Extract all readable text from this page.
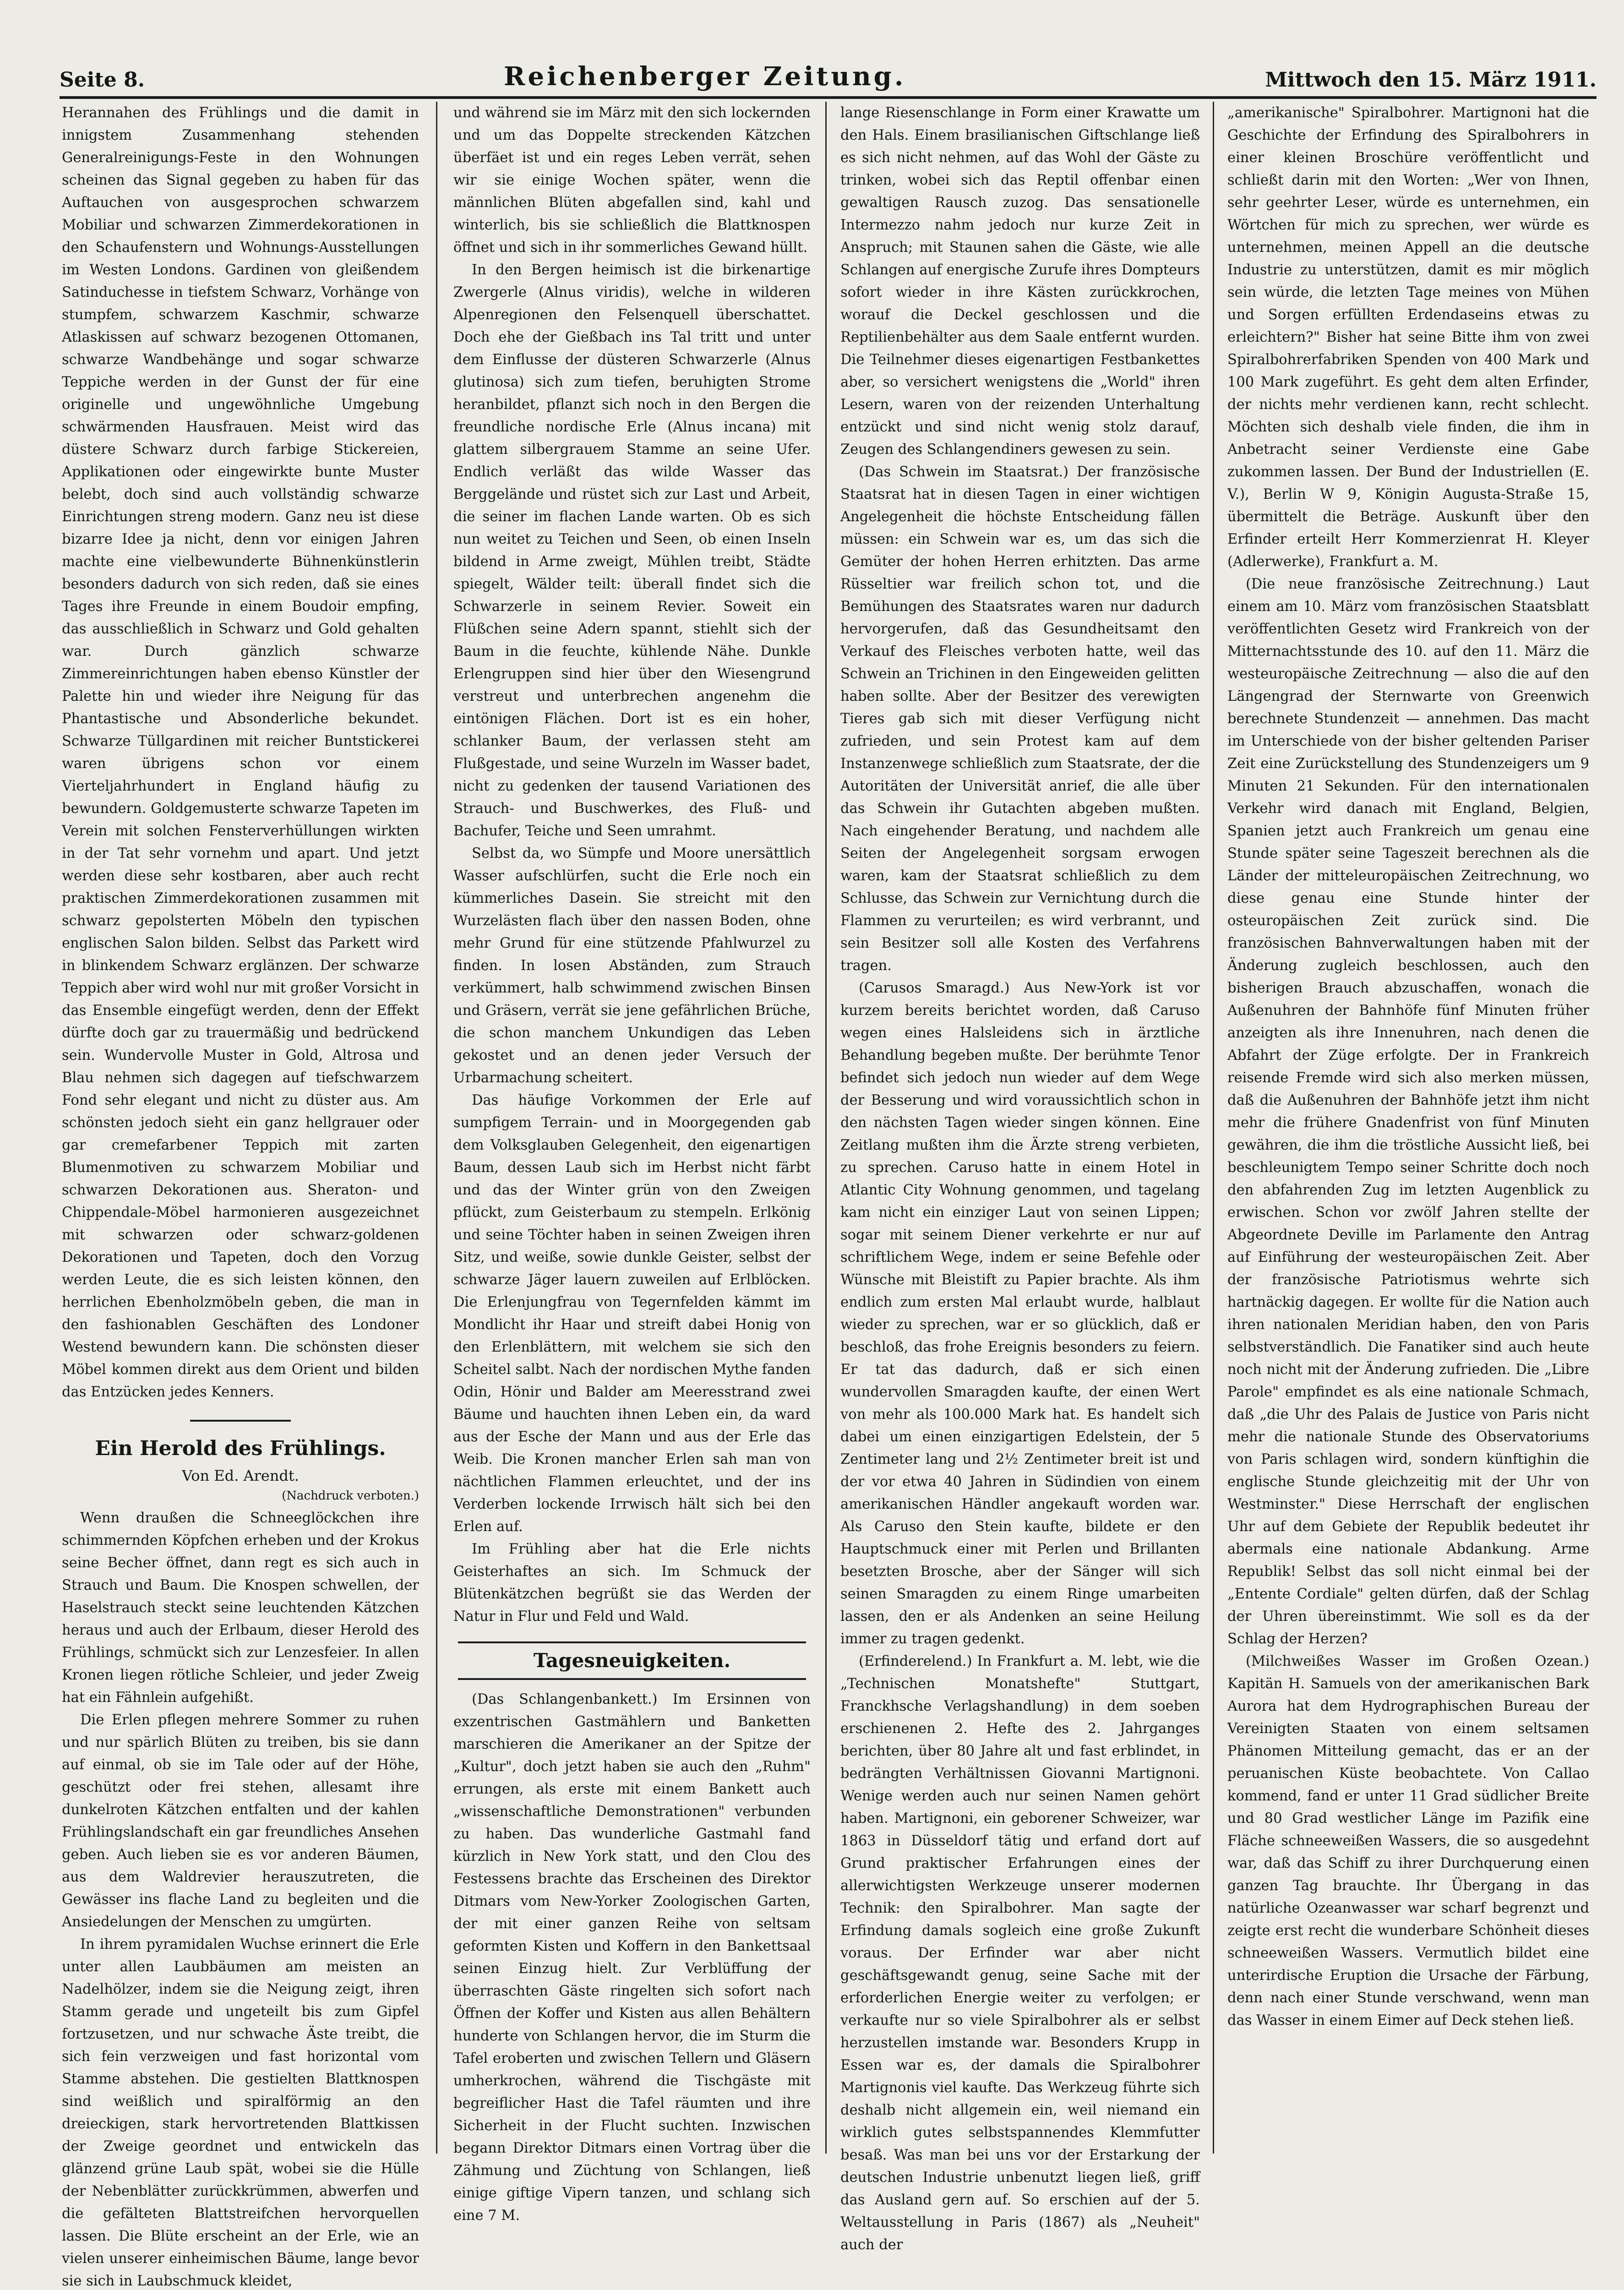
Seite 8.	Reichenberger Zeitung.	Mittwoch den 15. März 1911.

Herannahen des Frühlings und die damit in innigstem Zusammenhang stehenden Generalreinigungs-Feste in den Wohnungen scheinen das Signal gegeben zu haben für das Auftauchen von ausgesprochen schwarzem Mobiliar und schwarzen Zimmerdekorationen in den Schaufenstern und Wohnungs-Ausstellungen im Westen Londons. Gardinen von gleißendem Satinduchesse in tiefstem Schwarz, Vorhänge von stumpfem, schwarzem Kaschmir, schwarze Atlaskissen auf schwarz bezogenen Ottomanen, schwarze Wandbehänge und sogar schwarze Teppiche werden in der Gunst der für eine originelle und ungewöhnliche Umgebung schwärmenden Hausfrauen. Meist wird das düstere Schwarz durch farbige Stickereien, Applikationen oder eingewirkte bunte Muster belebt, doch sind auch vollständig schwarze Einrichtungen streng modern. Ganz neu ist diese bizarre Idee ja nicht, denn vor einigen Jahren machte eine vielbewunderte Bühnenkünstlerin besonders dadurch von sich reden, daß sie eines Tages ihre Freunde in einem Boudoir empfing, das ausschließlich in Schwarz und Gold gehalten war. Durch gänzlich schwarze Zimmereinrichtungen haben ebenso Künstler der Palette hin und wieder ihre Neigung für das Phantastische und Absonderliche bekundet. Schwarze Tüllgardinen mit reicher Buntstickerei waren übrigens schon vor einem Vierteljahrhundert in England häufig zu bewundern. Goldgemusterte schwarze Tapeten im Verein mit solchen Fensterverhüllungen wirkten in der Tat sehr vornehm und apart. Und jetzt werden diese sehr kostbaren, aber auch recht praktischen Zimmerdekorationen zusammen mit schwarz gepolsterten Möbeln den typischen englischen Salon bilden. Selbst das Parkett wird in blinkendem Schwarz erglänzen. Der schwarze Teppich aber wird wohl nur mit großer Vorsicht in das Ensemble eingefügt werden, denn der Effekt dürfte doch gar zu trauermäßig und bedrückend sein. Wundervolle Muster in Gold, Altrosa und Blau nehmen sich dagegen auf tiefschwarzem Fond sehr elegant und nicht zu düster aus. Am schönsten jedoch sieht ein ganz hellgrauer oder gar cremefarbener Teppich mit zarten Blumenmotiven zu schwarzem Mobiliar und schwarzen Dekorationen aus. Sheraton- und Chippendale-Möbel harmonieren ausgezeichnet mit schwarzen oder schwarz-goldenen Dekorationen und Tapeten, doch den Vorzug werden Leute, die es sich leisten können, den herrlichen Ebenholzmöbeln geben, die man in den fashionablen Geschäften des Londoner Westend bewundern kann. Die schönsten dieser Möbel kommen direkt aus dem Orient und bilden das Entzücken jedes Kenners.

Ein Herold des Frühlings.
Von Ed. Arendt.
(Nachdruck verboten.)

Wenn draußen die Schneeglöckchen ihre schimmernden Köpfchen erheben und der Krokus seine Becher öffnet, dann regt es sich auch in Strauch und Baum. Die Knospen schwellen, der Haselstrauch steckt seine leuchtenden Kätzchen heraus und auch der Erlbaum, dieser Herold des Frühlings, schmückt sich zur Lenzesfeier. In allen Kronen liegen rötliche Schleier, und jeder Zweig hat ein Fähnlein aufgehißt.

Die Erlen pflegen mehrere Sommer zu ruhen und nur spärlich Blüten zu treiben, bis sie dann auf einmal, ob sie im Tale oder auf der Höhe, geschützt oder frei stehen, allesamt ihre dunkelroten Kätzchen entfalten und der kahlen Frühlingslandschaft ein gar freundliches Ansehen geben. Auch lieben sie es vor anderen Bäumen, aus dem Waldrevier herauszutreten, die Gewässer ins flache Land zu begleiten und die Ansiedelungen der Menschen zu umgürten.

In ihrem pyramidalen Wuchse erinnert die Erle unter allen Laubbäumen am meisten an Nadelhölzer, indem sie die Neigung zeigt, ihren Stamm gerade und ungeteilt bis zum Gipfel fortzusetzen, und nur schwache Äste treibt, die sich fein verzweigen und fast horizontal vom Stamme abstehen. Die gestielten Blattknospen sind weißlich und spiralförmig an den dreieckigen, stark hervortretenden Blattkissen der Zweige geordnet und entwickeln das glänzend grüne Laub spät, wobei sie die Hülle der Nebenblätter zurückkrümmen, abwerfen und die gefälteten Blattstreifchen hervorquellen lassen. Die Blüte erscheint an der Erle, wie an vielen unserer einheimischen Bäume, lange bevor sie sich in Laubschmuck kleidet,

und während sie im März mit den sich lockernden und um das Doppelte streckenden Kätzchen überfäet ist und ein reges Leben verrät, sehen wir sie einige Wochen später, wenn die männlichen Blüten abgefallen sind, kahl und winterlich, bis sie schließlich die Blattknospen öffnet und sich in ihr sommerliches Gewand hüllt.

In den Bergen heimisch ist die birkenartige Zwergerle (Alnus viridis), welche in wilderen Alpenregionen den Felsenquell überschattet. Doch ehe der Gießbach ins Tal tritt und unter dem Einflusse der düsteren Schwarzerle (Alnus glutinosa) sich zum tiefen, beruhigten Strome heranbildet, pflanzt sich noch in den Bergen die freundliche nordische Erle (Alnus incana) mit glattem silbergrauem Stamme an seine Ufer. Endlich verläßt das wilde Wasser das Berggelände und rüstet sich zur Last und Arbeit, die seiner im flachen Lande warten. Ob es sich nun weitet zu Teichen und Seen, ob einen Inseln bildend in Arme zweigt, Mühlen treibt, Städte spiegelt, Wälder teilt: überall findet sich die Schwarzerle in seinem Revier. Soweit ein Flüßchen seine Adern spannt, stiehlt sich der Baum in die feuchte, kühlende Nähe. Dunkle Erlengruppen sind hier über den Wiesengrund verstreut und unterbrechen angenehm die eintönigen Flächen. Dort ist es ein hoher, schlanker Baum, der verlassen steht am Flußgestade, und seine Wurzeln im Wasser badet, nicht zu gedenken der tausend Variationen des Strauch- und Buschwerkes, des Fluß- und Bachufer, Teiche und Seen umrahmt.

Selbst da, wo Sümpfe und Moore unersättlich Wasser aufschlürfen, sucht die Erle noch ein kümmerliches Dasein. Sie streicht mit den Wurzelästen flach über den nassen Boden, ohne mehr Grund für eine stützende Pfahlwurzel zu finden. In losen Abständen, zum Strauch verkümmert, halb schwimmend zwischen Binsen und Gräsern, verrät sie jene gefährlichen Brüche, die schon manchem Unkundigen das Leben gekostet und an denen jeder Versuch der Urbarmachung scheitert.

Das häufige Vorkommen der Erle auf sumpfigem Terrain- und in Moorgegenden gab dem Volksglauben Gelegenheit, den eigenartigen Baum, dessen Laub sich im Herbst nicht färbt und das der Winter grün von den Zweigen pflückt, zum Geisterbaum zu stempeln. Erlkönig und seine Töchter haben in seinen Zweigen ihren Sitz, und weiße, sowie dunkle Geister, selbst der schwarze Jäger lauern zuweilen auf Erlblöcken. Die Erlenjungfrau von Tegernfelden kämmt im Mondlicht ihr Haar und streift dabei Honig von den Erlenblättern, mit welchem sie sich den Scheitel salbt. Nach der nordischen Mythe fanden Odin, Hönir und Balder am Meeresstrand zwei Bäume und hauchten ihnen Leben ein, da ward aus der Esche der Mann und aus der Erle das Weib. Die Kronen mancher Erlen sah man von nächtlichen Flammen erleuchtet, und der ins Verderben lockende Irrwisch hält sich bei den Erlen auf.

Im Frühling aber hat die Erle nichts Geisterhaftes an sich. Im Schmuck der Blütenkätzchen begrüßt sie das Werden der Natur in Flur und Feld und Wald.

Tagesneuigkeiten.

(Das Schlangenbankett.) Im Ersinnen von exzentrischen Gastmählern und Banketten marschieren die Amerikaner an der Spitze der „Kultur", doch jetzt haben sie auch den „Ruhm" errungen, als erste mit einem Bankett auch „wissenschaftliche Demonstrationen" verbunden zu haben. Das wunderliche Gastmahl fand kürzlich in New York statt, und den Clou des Festessens brachte das Erscheinen des Direktor Ditmars vom New-Yorker Zoologischen Garten, der mit einer ganzen Reihe von seltsam geformten Kisten und Koffern in den Bankettsaal seinen Einzug hielt. Zur Verblüffung der überraschten Gäste ringelten sich sofort nach Öffnen der Koffer und Kisten aus allen Behältern hunderte von Schlangen hervor, die im Sturm die Tafel eroberten und zwischen Tellern und Gläsern umherkrochen, während die Tischgäste mit begreiflicher Hast die Tafel räumten und ihre Sicherheit in der Flucht suchten. Inzwischen begann Direktor Ditmars einen Vortrag über die Zähmung und Züchtung von Schlangen, ließ einige giftige Vipern tanzen, und schlang sich eine 7 M.

lange Riesenschlange in Form einer Krawatte um den Hals. Einem brasilianischen Giftschlange ließ es sich nicht nehmen, auf das Wohl der Gäste zu trinken, wobei sich das Reptil offenbar einen gewaltigen Rausch zuzog. Das sensationelle Intermezzo nahm jedoch nur kurze Zeit in Anspruch; mit Staunen sahen die Gäste, wie alle Schlangen auf energische Zurufe ihres Dompteurs sofort wieder in ihre Kästen zurückkrochen, worauf die Deckel geschlossen und die Reptilienbehälter aus dem Saale entfernt wurden. Die Teilnehmer dieses eigenartigen Festbankettes aber, so versichert wenigstens die „World" ihren Lesern, waren von der reizenden Unterhaltung entzückt und sind nicht wenig stolz darauf, Zeugen des Schlangendiners gewesen zu sein.

(Das Schwein im Staatsrat.) Der französische Staatsrat hat in diesen Tagen in einer wichtigen Angelegenheit die höchste Entscheidung fällen müssen: ein Schwein war es, um das sich die Gemüter der hohen Herren erhitzten. Das arme Rüsseltier war freilich schon tot, und die Bemühungen des Staatsrates waren nur dadurch hervorgerufen, daß das Gesundheitsamt den Verkauf des Fleisches verboten hatte, weil das Schwein an Trichinen in den Eingeweiden gelitten haben sollte. Aber der Besitzer des verewigten Tieres gab sich mit dieser Verfügung nicht zufrieden, und sein Protest kam auf dem Instanzenwege schließlich zum Staatsrate, der die Autoritäten der Universität anrief, die alle über das Schwein ihr Gutachten abgeben mußten. Nach eingehender Beratung, und nachdem alle Seiten der Angelegenheit sorgsam erwogen waren, kam der Staatsrat schließlich zu dem Schlusse, das Schwein zur Vernichtung durch die Flammen zu verurteilen; es wird verbrannt, und sein Besitzer soll alle Kosten des Verfahrens tragen.

(Carusos Smaragd.) Aus New-York ist vor kurzem bereits berichtet worden, daß Caruso wegen eines Halsleidens sich in ärztliche Behandlung begeben mußte. Der berühmte Tenor befindet sich jedoch nun wieder auf dem Wege der Besserung und wird voraussichtlich schon in den nächsten Tagen wieder singen können. Eine Zeitlang mußten ihm die Ärzte streng verbieten, zu sprechen. Caruso hatte in einem Hotel in Atlantic City Wohnung genommen, und tagelang kam nicht ein einziger Laut von seinen Lippen; sogar mit seinem Diener verkehrte er nur auf schriftlichem Wege, indem er seine Befehle oder Wünsche mit Bleistift zu Papier brachte. Als ihm endlich zum ersten Mal erlaubt wurde, halblaut wieder zu sprechen, war er so glücklich, daß er beschloß, das frohe Ereignis besonders zu feiern. Er tat das dadurch, daß er sich einen wundervollen Smaragden kaufte, der einen Wert von mehr als 100.000 Mark hat. Es handelt sich dabei um einen einzigartigen Edelstein, der 5 Zentimeter lang und 2½ Zentimeter breit ist und der vor etwa 40 Jahren in Südindien von einem amerikanischen Händler angekauft worden war. Als Caruso den Stein kaufte, bildete er den Hauptschmuck einer mit Perlen und Brillanten besetzten Brosche, aber der Sänger will sich seinen Smaragden zu einem Ringe umarbeiten lassen, den er als Andenken an seine Heilung immer zu tragen gedenkt.

(Erfinderelend.) In Frankfurt a. M. lebt, wie die „Technischen Monatshefte" Stuttgart, Franckhsche Verlagshandlung) in dem soeben erschienenen 2. Hefte des 2. Jahrganges berichten, über 80 Jahre alt und fast erblindet, in bedrängten Verhältnissen Giovanni Martignoni. Wenige werden auch nur seinen Namen gehört haben. Martignoni, ein geborener Schweizer, war 1863 in Düsseldorf tätig und erfand dort auf Grund praktischer Erfahrungen eines der allerwichtigsten Werkzeuge unserer modernen Technik: den Spiralbohrer. Man sagte der Erfindung damals sogleich eine große Zukunft voraus. Der Erfinder war aber nicht geschäftsgewandt genug, seine Sache mit der erforderlichen Energie weiter zu verfolgen; er verkaufte nur so viele Spiralbohrer als er selbst herzustellen imstande war. Besonders Krupp in Essen war es, der damals die Spiralbohrer Martignonis viel kaufte. Das Werkzeug führte sich deshalb nicht allgemein ein, weil niemand ein wirklich gutes selbstspannendes Klemmfutter besaß. Was man bei uns vor der Erstarkung der deutschen Industrie unbenutzt liegen ließ, griff das Ausland gern auf. So erschien auf der 5. Weltausstellung in Paris (1867) als „Neuheit" auch der

„amerikanische" Spiralbohrer. Martignoni hat die Geschichte der Erfindung des Spiralbohrers in einer kleinen Broschüre veröffentlicht und schließt darin mit den Worten: „Wer von Ihnen, sehr geehrter Leser, würde es unternehmen, ein Wörtchen für mich zu sprechen, wer würde es unternehmen, meinen Appell an die deutsche Industrie zu unterstützen, damit es mir möglich sein würde, die letzten Tage meines von Mühen und Sorgen erfüllten Erdendaseins etwas zu erleichtern?" Bisher hat seine Bitte ihm von zwei Spiralbohrerfabriken Spenden von 400 Mark und 100 Mark zugeführt. Es geht dem alten Erfinder, der nichts mehr verdienen kann, recht schlecht. Möchten sich deshalb viele finden, die ihm in Anbetracht seiner Verdienste eine Gabe zukommen lassen. Der Bund der Industriellen (E. V.), Berlin W 9, Königin Augusta-Straße 15, übermittelt die Beträge. Auskunft über den Erfinder erteilt Herr Kommerzienrat H. Kleyer (Adlerwerke), Frankfurt a. M.

(Die neue französische Zeitrechnung.) Laut einem am 10. März vom französischen Staatsblatt veröffentlichten Gesetz wird Frankreich von der Mitternachtsstunde des 10. auf den 11. März die westeuropäische Zeitrechnung — also die auf den Längengrad der Sternwarte von Greenwich berechnete Stundenzeit — annehmen. Das macht im Unterschiede von der bisher geltenden Pariser Zeit eine Zurückstellung des Stundenzeigers um 9 Minuten 21 Sekunden. Für den internationalen Verkehr wird danach mit England, Belgien, Spanien jetzt auch Frankreich um genau eine Stunde später seine Tageszeit berechnen als die Länder der mitteleuropäischen Zeitrechnung, wo diese genau eine Stunde hinter der osteuropäischen Zeit zurück sind. Die französischen Bahnverwaltungen haben mit der Änderung zugleich beschlossen, auch den bisherigen Brauch abzuschaffen, wonach die Außenuhren der Bahnhöfe fünf Minuten früher anzeigten als ihre Innenuhren, nach denen die Abfahrt der Züge erfolgte. Der in Frankreich reisende Fremde wird sich also merken müssen, daß die Außenuhren der Bahnhöfe jetzt ihm nicht mehr die frühere Gnadenfrist von fünf Minuten gewähren, die ihm die tröstliche Aussicht ließ, bei beschleunigtem Tempo seiner Schritte doch noch den abfahrenden Zug im letzten Augenblick zu erwischen. Schon vor zwölf Jahren stellte der Abgeordnete Deville im Parlamente den Antrag auf Einführung der westeuropäischen Zeit. Aber der französische Patriotismus wehrte sich hartnäckig dagegen. Er wollte für die Nation auch ihren nationalen Meridian haben, den von Paris selbstverständlich. Die Fanatiker sind auch heute noch nicht mit der Änderung zufrieden. Die „Libre Parole" empfindet es als eine nationale Schmach, daß „die Uhr des Palais de Justice von Paris nicht mehr die nationale Stunde des Observatoriums von Paris schlagen wird, sondern künftighin die englische Stunde gleichzeitig mit der Uhr von Westminster." Diese Herrschaft der englischen Uhr auf dem Gebiete der Republik bedeutet ihr abermals eine nationale Abdankung. Arme Republik! Selbst das soll nicht einmal bei der „Entente Cordiale" gelten dürfen, daß der Schlag der Uhren übereinstimmt. Wie soll es da der Schlag der Herzen?

(Milchweißes Wasser im Großen Ozean.) Kapitän H. Samuels von der amerikanischen Bark Aurora hat dem Hydrographischen Bureau der Vereinigten Staaten von einem seltsamen Phänomen Mitteilung gemacht, das er an der peruanischen Küste beobachtete. Von Callao kommend, fand er unter 11 Grad südlicher Breite und 80 Grad westlicher Länge im Pazifik eine Fläche schneeweißen Wassers, die so ausgedehnt war, daß das Schiff zu ihrer Durchquerung einen ganzen Tag brauchte. Ihr Übergang in das natürliche Ozeanwasser war scharf begrenzt und zeigte erst recht die wunderbare Schönheit dieses schneeweißen Wassers. Vermutlich bildet eine unterirdische Eruption die Ursache der Färbung, denn nach einer Stunde verschwand, wenn man das Wasser in einem Eimer auf Deck stehen ließ.
